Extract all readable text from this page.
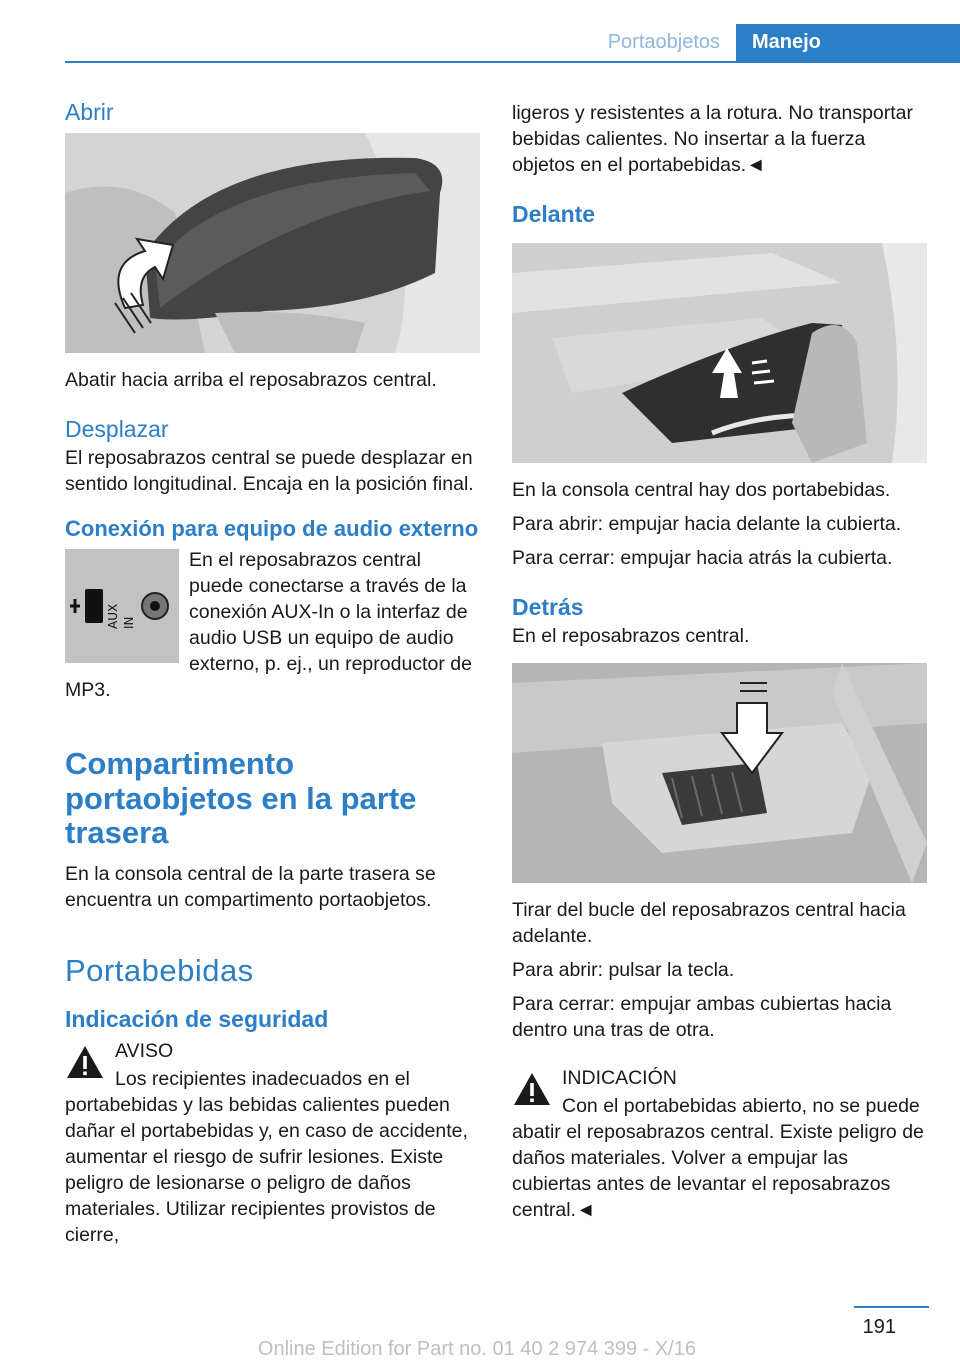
Portaobjetos	Manejo
Abrir

Abatir hacia arriba el reposabrazos central.

Desplazar

El reposabrazos central se puede desplazar en sentido longitudinal. Encaja en la posición final.

Conexión para equipo de audio externo
AUX IN

En el reposabrazos central puede conectarse a través de la conexión AUX-In o la interfaz de audio USB un equipo de audio externo, p. ej., un reproductor de MP3.

Compartimento portaobjetos en la parte trasera

En la consola central de la parte trasera se encuentra un compartimento portaobjetos.

Portabebidas
Indicación de seguridad

AVISO

Los recipientes inadecuados en el portabebidas y las bebidas calientes pueden dañar el portabebidas y, en caso de accidente, aumentar el riesgo de sufrir lesiones. Existe peligro de lesionarse o peligro de daños materiales. Utilizar recipientes provistos de cierre,

ligeros y resistentes a la rotura. No transportar bebidas calientes. No insertar a la fuerza objetos en el portabebidas.◄

Delante

En la consola central hay dos portabebidas.

Para abrir: empujar hacia delante la cubierta.

Para cerrar: empujar hacia atrás la cubierta.

Detrás

En el reposabrazos central.

Tirar del bucle del reposabrazos central hacia adelante.

Para abrir: pulsar la tecla.

Para cerrar: empujar ambas cubiertas hacia dentro una tras de otra.

INDICACIÓN

Con el portabebidas abierto, no se puede abatir el reposabrazos central. Existe peligro de daños materiales. Volver a empujar las cubiertas antes de levantar el reposabrazos central.◄

191
Online Edition for Part no. 01 40 2 974 399 - X/16
